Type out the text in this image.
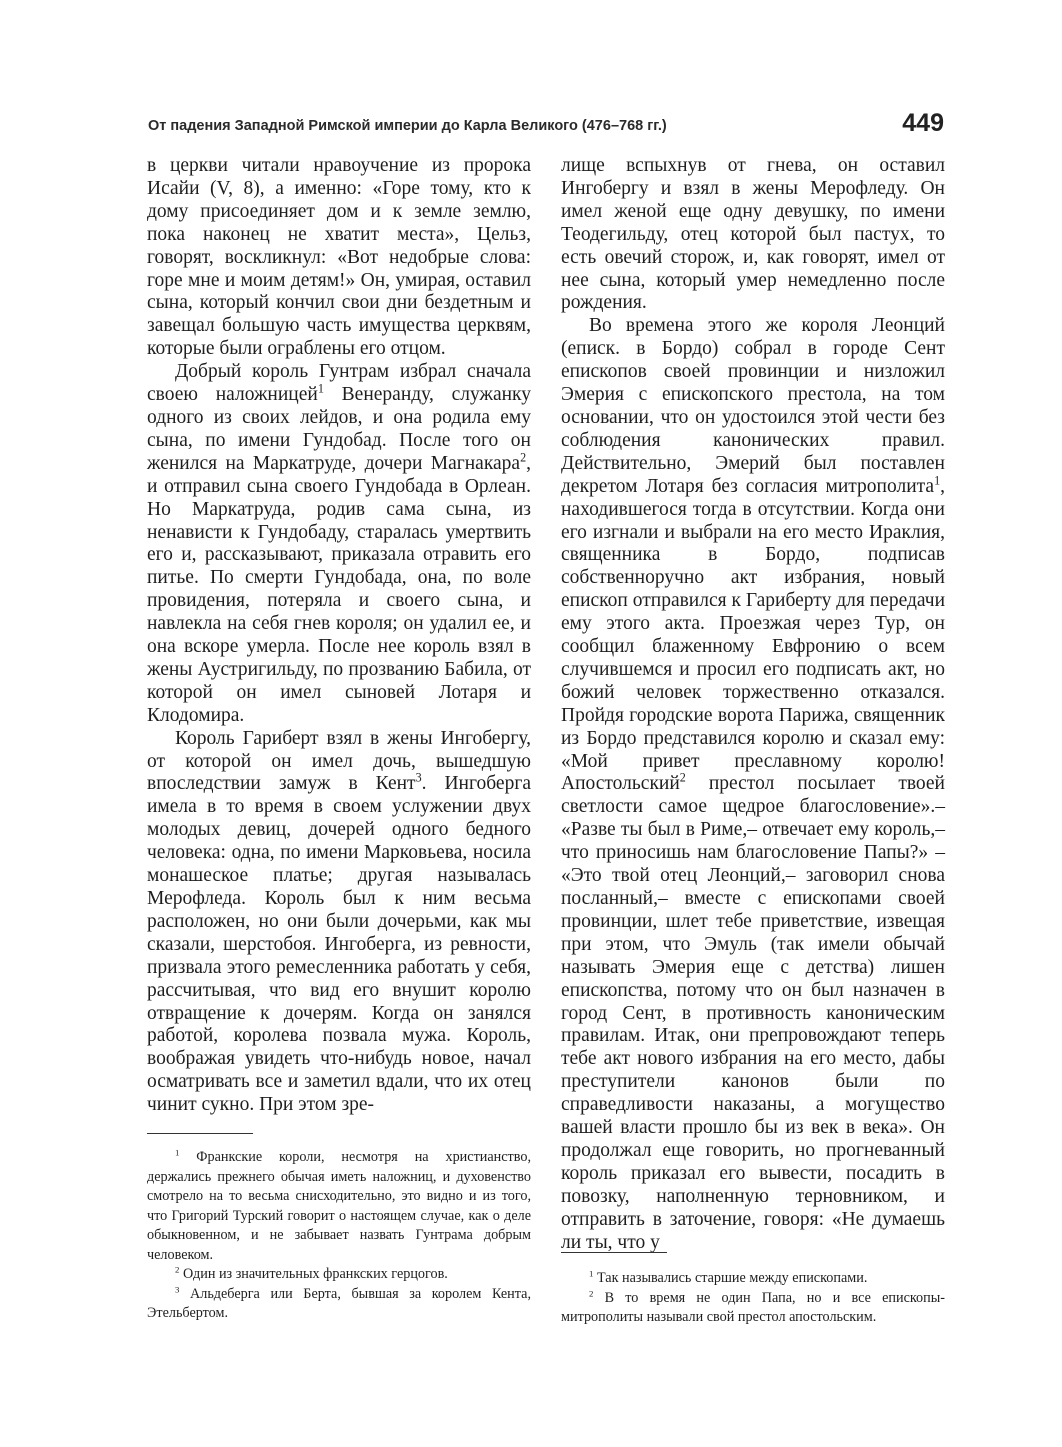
От падения Западной Римской империи до Карла Великого (476–768 гг.)	449

в церкви читали нравоучение из пророка Исайи (V, 8), а именно: «Горе тому, кто к дому присоединяет дом и к земле землю, пока наконец не хватит места», Цельз, говорят, воскликнул: «Вот недобрые слова: горе мне и моим детям!» Он, умирая, оставил сына, который кончил свои дни бездетным и завещал большую часть имущества церквям, которые были ограблены его отцом.

Добрый король Гунтрам избрал сначала своею наложницей$^1$ Венеранду, служанку одного из своих лейдов, и она родила ему сына, по имени Гундобад. После того он женился на Маркатруде, дочери Магнакара$^2$, и отправил сына своего Гундобада в Орлеан. Но Маркатруда, родив сама сына, из ненависти к Гундобаду, старалась умертвить его и, рассказывают, приказала отравить его питье. По смерти Гундобада, она, по воле провидения, потеряла и своего сына, и навлекла на себя гнев короля; он удалил ее, и она вскоре умерла. После нее король взял в жены Аустригильду, по прозванию Бабила, от которой он имел сыновей Лотаря и Клодомира.

Король Гариберт взял в жены Ингобергу, от которой он имел дочь, вышедшую впоследствии замуж в Кент$^3$. Ингоберга имела в то время в своем услужении двух молодых девиц, дочерей одного бедного человека: одна, по имени Марковьева, носила монашеское платье; другая называлась Мерофледа. Король был к ним весьма расположен, но они были дочерьми, как мы сказали, шерстобоя. Ингоберга, из ревности, призвала этого ремесленника работать у себя, рассчитывая, что вид его внушит королю отвращение к дочерям. Когда он занялся работой, королева позвала мужа. Король, воображая увидеть что-нибудь новое, начал осматривать все и заметил вдали, что их отец чинит сукно. При этом зре-

лище вспыхнув от гнева, он оставил Ингобергу и взял в жены Мерофледу. Он имел женой еще одну девушку, по имени Теодегильду, отец которой был пастух, то есть овечий сторож, и, как говорят, имел от нее сына, который умер немедленно после рождения.

Во времена этого же короля Леонций (епиcк. в Бордо) собрал в городе Сент епископов своей провинции и низложил Эмерия с епископского престола, на том основании, что он удостоился этой чести без соблюдения канонических правил. Действительно, Эмерий был поставлен декретом Лотаря без согласия митрополита$^1$, находившегося тогда в отсутствии. Когда они его изгнали и выбрали на его место Ираклия, священника в Бордо, подписав собственноручно акт избрания, новый епископ отправился к Гариберту для передачи ему этого акта. Проезжая через Тур, он сообщил блаженному Евфронию о всем случившемся и просил его подписать акт, но божий человек торжественно отказался. Пройдя городские ворота Парижа, священник из Бордо представился королю и сказал ему: «Мой привет преславному королю! Апостольский$^2$ престол посылает твоей светлости самое щедрое благословение».– «Разве ты был в Риме,– отвечает ему король,– что приносишь нам благословение Папы?» – «Это твой отец Леонций,– заговорил снова посланный,– вместе с епископами своей провинции, шлет тебе приветствие, извещая при этом, что Эмуль (так имели обычай называть Эмерия еще с детства) лишен епископства, потому что он был назначен в город Сент, в противность каноническим правилам. Итак, они препровождают теперь тебе акт нового избрания на его место, дабы преступители канонов были по справедливости наказаны, а могущество вашей власти прошло бы из век в века». Он продолжал еще говорить, но прогневанный король приказал его вывести, посадить в повозку, наполненную терновником, и отправить в заточение, говоря: «Не думаешь ли ты, что у

$^1$ Франкские короли, несмотря на христианство, держались прежнего обычая иметь наложниц, и духовенство смотрело на то весьма снисходительно, это видно и из того, что Григорий Турский говорит о настоящем случае, как о деле обыкновенном, и не забывает назвать Гунтрама добрым человеком.

$^2$ Один из значительных франкских герцогов.

$^3$ Альдеберга или Берта, бывшая за королем Кента, Этельбертом.

$^1$ Так назывались старшие между епископами.

$^2$ В то время не один Папа, но и все епископы-митрополиты называли свой престол апостольским.
